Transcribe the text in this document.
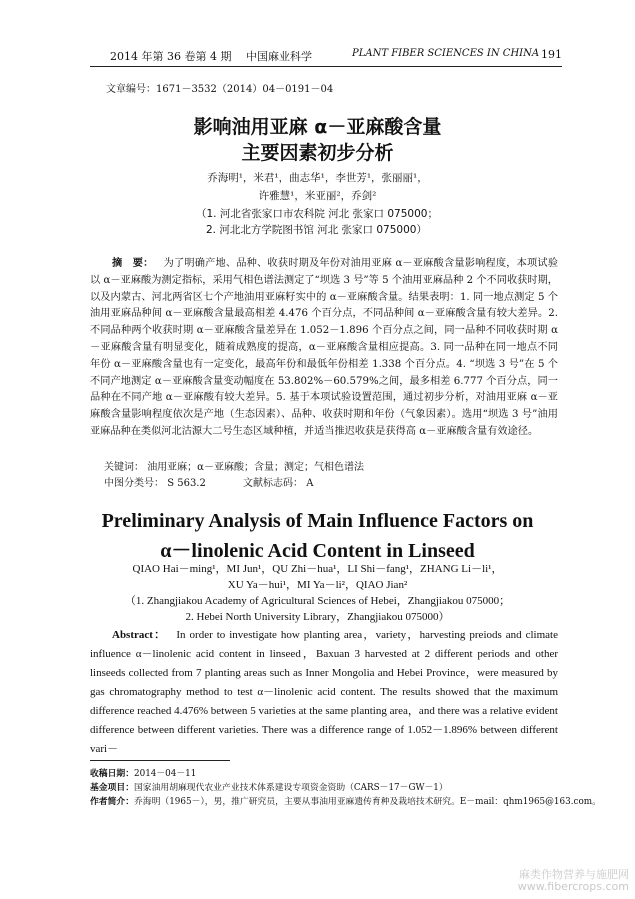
2014 年第 36 卷第 4 期 中国麻业科学	PLANT FIBER SCIENCES IN CHINA 191
文章编号：1671－3532（2014）04－0191－04
影响油用亚麻 α－亚麻酸含量
主要因素初步分析
乔海明¹，米君¹，曲志华¹，李世芳¹，张丽丽¹，
许雅慧¹，米亚丽²，乔剑²
（1. 河北省张家口市农科院 河北 张家口 075000；
2. 河北北方学院图书馆 河北 张家口 075000）
摘　要： 为了明确产地、品种、收获时期及年份对油用亚麻 α－亚麻酸含量影响程度，本项试验以 α－亚麻酸为测定指标，采用气相色谱法测定了“坝选 3 号”等 5 个油用亚麻品种 2 个不同收获时期，以及内蒙古、河北两省区七个产地油用亚麻籽实中的 α－亚麻酸含量。结果表明：1. 同一地点测定 5 个油用亚麻品种间 α－亚麻酸含量最高相差 4.476 个百分点，不同品种间 α－亚麻酸含量有较大差异。2. 不同品种两个收获时期 α－亚麻酸含量差异在 1.052－1.896 个百分点之间，同一品种不同收获时期 α－亚麻酸含量有明显变化，随着成熟度的提高，α－亚麻酸含量相应提高。3. 同一品种在同一地点不同年份 α－亚麻酸含量也有一定变化，最高年份和最低年份相差 1.338 个百分点。4. “坝选 3 号”在 5 个不同产地测定 α－亚麻酸含量变动幅度在 53.802%－60.579%之间，最多相差 6.777 个百分点，同一品种在不同产地 α－亚麻酸有较大差异。5. 基于本项试验设置范围，通过初步分析，对油用亚麻 α－亚麻酸含量影响程度依次是产地（生态因素）、品种、收获时期和年份（气象因素）。选用“坝选 3 号”油用亚麻品种在类似河北沽源大二号生态区域种植，并适当推迟收获是获得高 α－亚麻酸含量有效途径。
关键词： 油用亚麻；α－亚麻酸；含量；测定；气相色谱法
中图分类号： S 563.2	文献标志码： A
Preliminary Analysis of Main Influence Factors on
α－linolenic Acid Content in Linseed
QIAO Hai－ming¹，MI Jun¹，QU Zhi－hua¹，LI Shi－fang¹，ZHANG Li－li¹，
XU Ya－hui¹，MI Ya－li²，QIAO Jian²
（1. Zhangjiakou Academy of Agricultural Sciences of Hebei，Zhangjiakou 075000；
2. Hebei North University Library，Zhangjiakou 075000）
Abstract： In order to investigate how planting area，variety，harvesting preiods and climate influence α－linolenic acid content in linseed，Baxuan 3 harvested at 2 different periods and other linseeds collected from 7 planting areas such as Inner Mongolia and Hebei Province，were measured by gas chromatography method to test α－linolenic acid content. The results showed that the maximum difference reached 4.476% between 5 varieties at the same planting area，and there was a relative evident difference between different varieties. There was a difference range of 1.052－1.896% between different vari－
收稿日期：2014－04－11
基金项目：国家油用胡麻现代农业产业技术体系建设专项资金资助（CARS－17－GW－1）
作者简介：乔海明（1965－），男，推广研究员，主要从事油用亚麻遗传育种及栽培技术研究。E－mail：qhm1965@163.com。
麻类作物营养与施肥网
www.fibercrops.com
